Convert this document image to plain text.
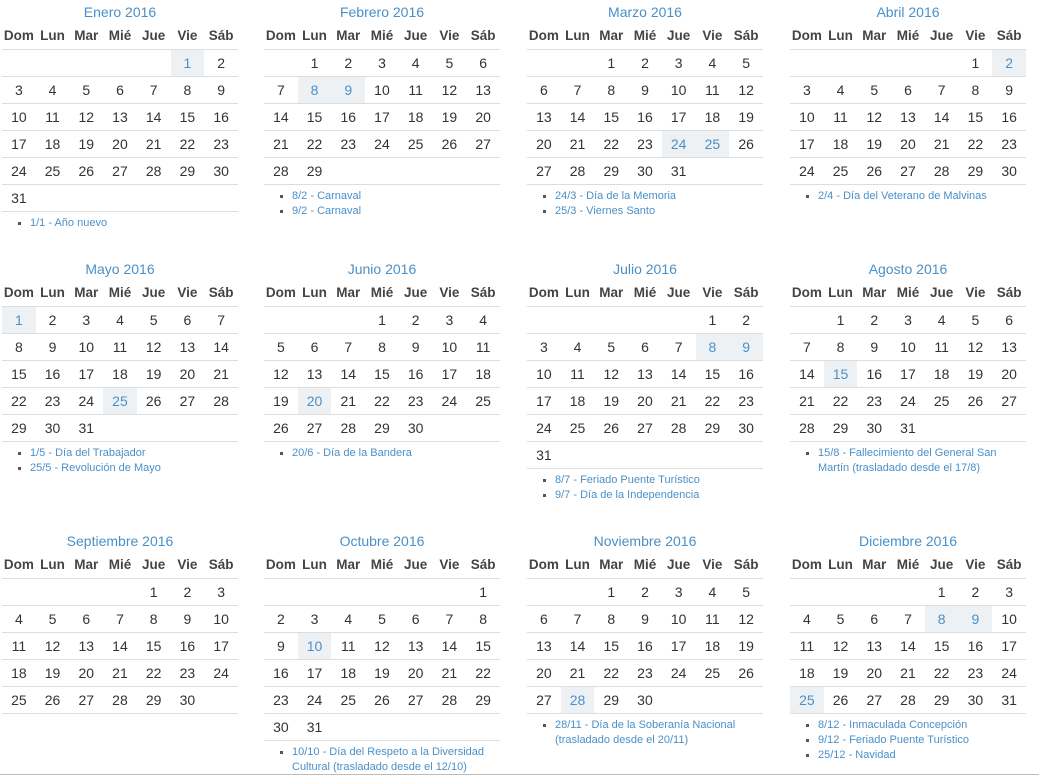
Enero 2016
Dom	Lun	Mar	Mié	Jue	Vie	Sáb
					1	2
3	4	5	6	7	8	9
10	11	12	13	14	15	16
17	18	19	20	21	22	23
24	25	26	27	28	29	30
31						
▪ 1/1 - Año nuevo
Febrero 2016
Dom	Lun	Mar	Mié	Jue	Vie	Sáb
	1	2	3	4	5	6
7	8	9	10	11	12	13
14	15	16	17	18	19	20
21	22	23	24	25	26	27
28	29					
▪ 8/2 - Carnaval
▪ 9/2 - Carnaval
Marzo 2016
Dom	Lun	Mar	Mié	Jue	Vie	Sáb
		1	2	3	4	5
6	7	8	9	10	11	12
13	14	15	16	17	18	19
20	21	22	23	24	25	26
27	28	29	30	31		
▪ 24/3 - Día de la Memoria
▪ 25/3 - Viernes Santo
Abril 2016
Dom	Lun	Mar	Mié	Jue	Vie	Sáb
					1	2
3	4	5	6	7	8	9
10	11	12	13	14	15	16
17	18	19	20	21	22	23
24	25	26	27	28	29	30
▪ 2/4 - Día del Veterano de Malvinas
Mayo 2016
Dom	Lun	Mar	Mié	Jue	Vie	Sáb
1	2	3	4	5	6	7
8	9	10	11	12	13	14
15	16	17	18	19	20	21
22	23	24	25	26	27	28
29	30	31				
▪ 1/5 - Día del Trabajador
▪ 25/5 - Revolución de Mayo
Junio 2016
Dom	Lun	Mar	Mié	Jue	Vie	Sáb
			1	2	3	4
5	6	7	8	9	10	11
12	13	14	15	16	17	18
19	20	21	22	23	24	25
26	27	28	29	30		
▪ 20/6 - Día de la Bandera
Julio 2016
Dom	Lun	Mar	Mié	Jue	Vie	Sáb
					1	2
3	4	5	6	7	8	9
10	11	12	13	14	15	16
17	18	19	20	21	22	23
24	25	26	27	28	29	30
31						
▪ 8/7 - Feriado Puente Turístico
▪ 9/7 - Día de la Independencia
Agosto 2016
Dom	Lun	Mar	Mié	Jue	Vie	Sáb
	1	2	3	4	5	6
7	8	9	10	11	12	13
14	15	16	17	18	19	20
21	22	23	24	25	26	27
28	29	30	31			
▪ 15/8 - Fallecimiento del General San Martín (trasladado desde el 17/8)
Septiembre 2016
Dom	Lun	Mar	Mié	Jue	Vie	Sáb
				1	2	3
4	5	6	7	8	9	10
11	12	13	14	15	16	17
18	19	20	21	22	23	24
25	26	27	28	29	30	
Octubre 2016
Dom	Lun	Mar	Mié	Jue	Vie	Sáb
						1
2	3	4	5	6	7	8
9	10	11	12	13	14	15
16	17	18	19	20	21	22
23	24	25	26	27	28	29
30	31					
▪ 10/10 - Día del Respeto a la Diversidad Cultural (trasladado desde el 12/10)
Noviembre 2016
Dom	Lun	Mar	Mié	Jue	Vie	Sáb
		1	2	3	4	5
6	7	8	9	10	11	12
13	14	15	16	17	18	19
20	21	22	23	24	25	26
27	28	29	30			
▪ 28/11 - Día de la Soberanía Nacional (trasladado desde el 20/11)
Diciembre 2016
Dom	Lun	Mar	Mié	Jue	Vie	Sáb
				1	2	3
4	5	6	7	8	9	10
11	12	13	14	15	16	17
18	19	20	21	22	23	24
25	26	27	28	29	30	31
▪ 8/12 - Inmaculada Concepción
▪ 9/12 - Feriado Puente Turístico
▪ 25/12 - Navidad
